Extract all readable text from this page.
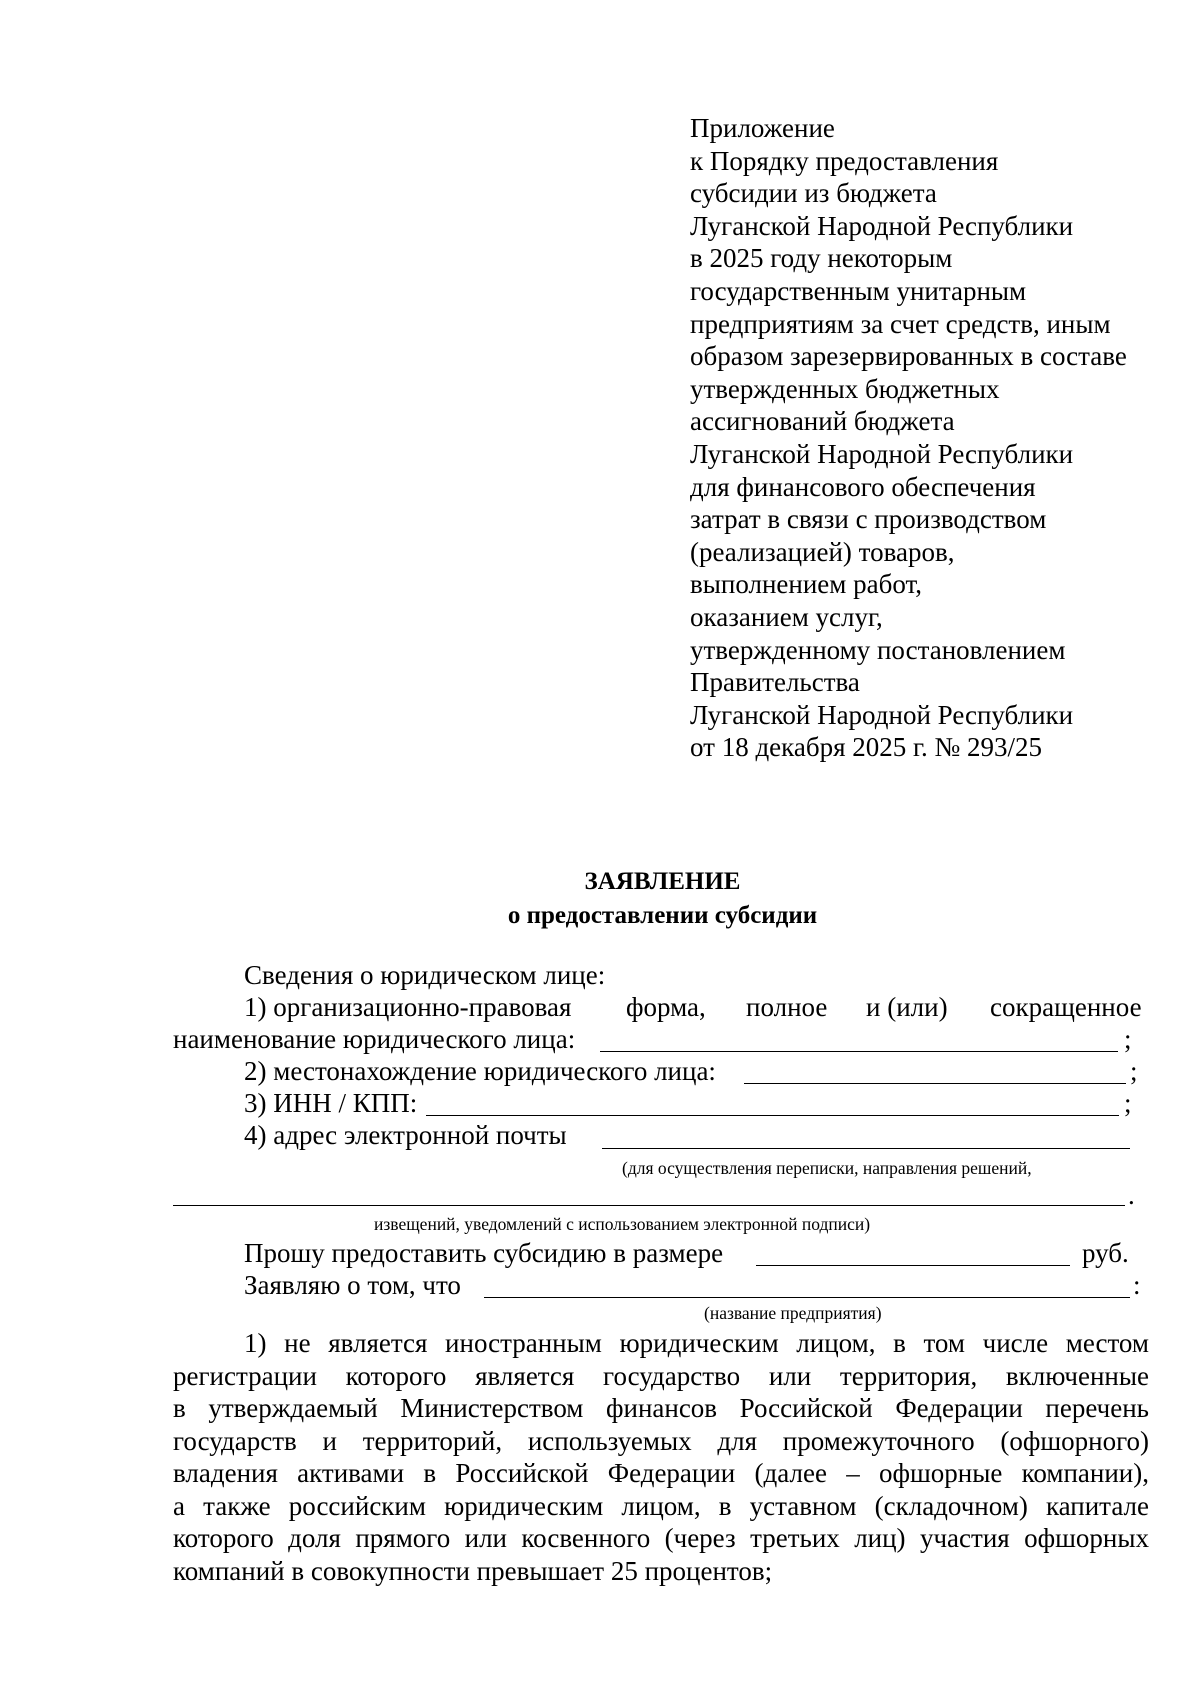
Приложение
к Порядку предоставления
субсидии из бюджета
Луганской Народной Республики
в 2025 году некоторым
государственным унитарным
предприятиям за счет средств, иным
образом зарезервированных в составе
утвержденных бюджетных
ассигнований бюджета
Луганской Народной Республики
для финансового обеспечения
затрат в связи с производством
(реализацией) товаров,
выполнением работ,
оказанием услуг,
утвержденному постановлением
Правительства
Луганской Народной Республики
от 18 декабря 2025 г. № 293/25
ЗАЯВЛЕНИЕ
о предоставлении субсидии
Сведения о юридическом лице:
1) организационно-правовая форма, полное и (или) сокращенное
наименование юридического лица:	;
2) местонахождение юридического лица:	;
3) ИНН / КПП:	;
4) адрес электронной почты
(для осуществления переписки, направления решений,
.
извещений, уведомлений с использованием электронной подписи)
Прошу предоставить субсидию в размере	руб.
Заявляю о том, что	:
(название предприятия)
1) не является иностранным юридическим лицом, в том числе местом
регистрации которого является государство или территория, включенные
в утверждаемый Министерством финансов Российской Федерации перечень
государств и территорий, используемых для промежуточного (офшорного)
владения активами в Российской Федерации (далее – офшорные компании),
а также российским юридическим лицом, в уставном (складочном) капитале
которого доля прямого или косвенного (через третьих лиц) участия офшорных
компаний в совокупности превышает 25 процентов;
